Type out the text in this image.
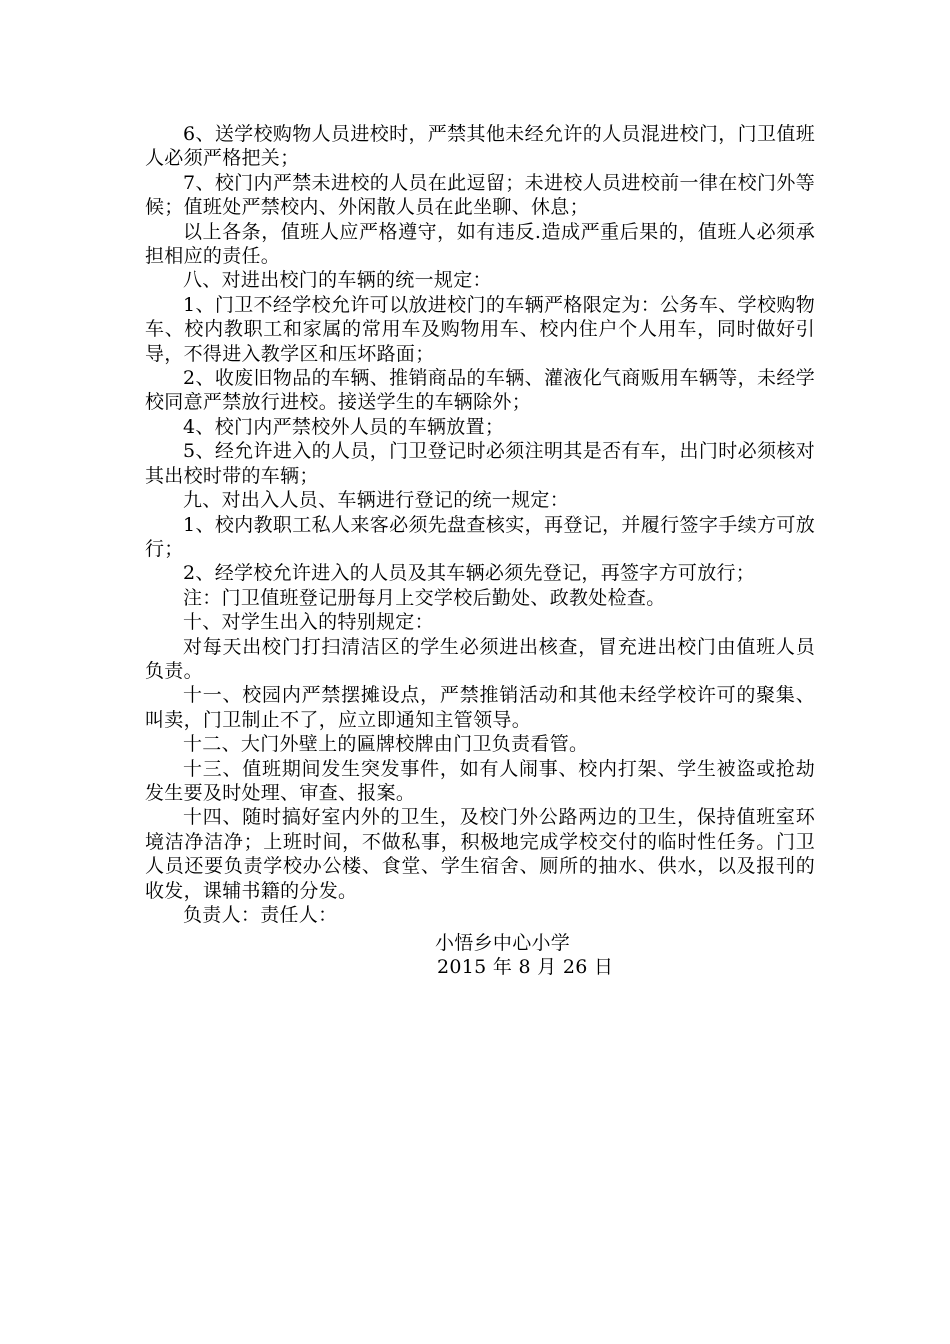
6、送学校购物人员进校时，严禁其他未经允许的人员混进校门，门卫值班人必须严格把关；

7、校门内严禁未进校的人员在此逗留；未进校人员进校前一律在校门外等候；值班处严禁校内、外闲散人员在此坐聊、休息；

以上各条，值班人应严格遵守，如有违反.造成严重后果的，值班人必须承担相应的责任。

八、对进出校门的车辆的统一规定：

1、门卫不经学校允许可以放进校门的车辆严格限定为：公务车、学校购物车、校内教职工和家属的常用车及购物用车、校内住户个人用车，同时做好引导，不得进入教学区和压坏路面；

2、收废旧物品的车辆、推销商品的车辆、灌液化气商贩用车辆等，未经学校同意严禁放行进校。接送学生的车辆除外；

4、校门内严禁校外人员的车辆放置；

5、经允许进入的人员，门卫登记时必须注明其是否有车，出门时必须核对其出校时带的车辆；

九、对出入人员、车辆进行登记的统一规定：

1、校内教职工私人来客必须先盘查核实，再登记，并履行签字手续方可放行；

2、经学校允许进入的人员及其车辆必须先登记，再签字方可放行；

注：门卫值班登记册每月上交学校后勤处、政教处检查。

十、对学生出入的特别规定：

对每天出校门打扫清洁区的学生必须进出核查，冒充进出校门由值班人员负责。

十一、校园内严禁摆摊设点，严禁推销活动和其他未经学校许可的聚集、叫卖，门卫制止不了，应立即通知主管领导。

十二、大门外壁上的匾牌校牌由门卫负责看管。

十三、值班期间发生突发事件，如有人闹事、校内打架、学生被盗或抢劫发生要及时处理、审查、报案。

十四、随时搞好室内外的卫生，及校门外公路两边的卫生，保持值班室环境洁净洁净；上班时间，不做私事，积极地完成学校交付的临时性任务。门卫人员还要负责学校办公楼、食堂、学生宿舍、厕所的抽水、供水，以及报刊的收发，课辅书籍的分发。

负责人：责任人：

小悟乡中心小学

2015 年 8 月 26 日
